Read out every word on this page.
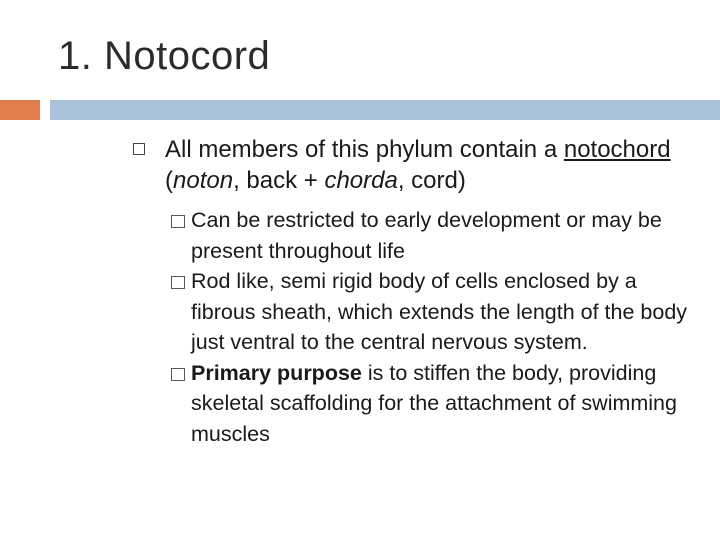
1. Notocord

All members of this phylum contain a notochord (noton, back + chorda, cord)

Can be restricted to early development or may be present throughout life
Rod like, semi rigid body of cells enclosed by a fibrous sheath, which extends the length of the body just ventral to the central nervous system.
Primary purpose is to stiffen the body, providing skeletal scaffolding for the attachment of swimming muscles
